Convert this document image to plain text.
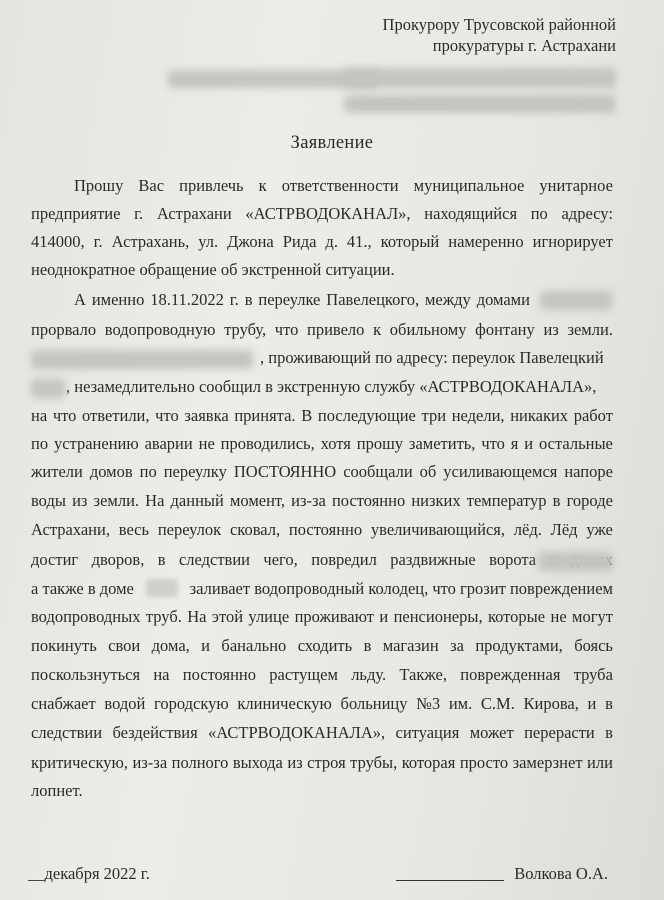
Прокурору Трусовской районной
прокуратуры г. Астрахани
Заявление
Прошу Вас привлечь к ответственности муниципальное унитарное
предприятие г. Астрахани «АСТРВОДОКАНАЛ», находящийся по адресу:
414000, г. Астрахань, ул. Джона Рида д. 41., который намеренно игнорирует
неоднократное обращение об экстренной ситуации.
А именно 18.11.2022 г. в переулке Павелецкого, между домами
прорвало водопроводную трубу, что привело к обильному фонтану из земли.
, проживающий по адресу: переулок Павелецкий
, незамедлительно сообщил в экстренную службу «АСТРВОДОКАНАЛА»,
на что ответили, что заявка принята. В последующие три недели, никаких работ
по устранению аварии не проводились, хотя прошу заметить, что я и остальные
жители домов по переулку ПОСТОЯННО сообщали об усиливающемся напоре
воды из земли. На данный момент, из-за постоянно низких температур в городе
Астрахани, весь переулок сковал, постоянно увеличивающийся, лёд. Лёд уже
достиг дворов, в следствии чего, повредил раздвижные ворота
а также в доме	заливает водопроводный колодец, что грозит повреждением
водопроводных труб. На этой улице проживают и пенсионеры, которые не могут
покинуть свои дома, и банально сходить в магазин за продуктами, боясь
поскользнуться на постоянно растущем льду. Также, поврежденная труба
снабжает водой городскую клиническую больницу №3 им. С.М. Кирова, и в
следствии бездействия «АСТРВОДОКАНАЛА», ситуация может перерасти в
критическую, из-за полного выхода из строя трубы, которая просто замерзнет или
лопнет.
__декабря 2022 г.	Волкова О.А.
